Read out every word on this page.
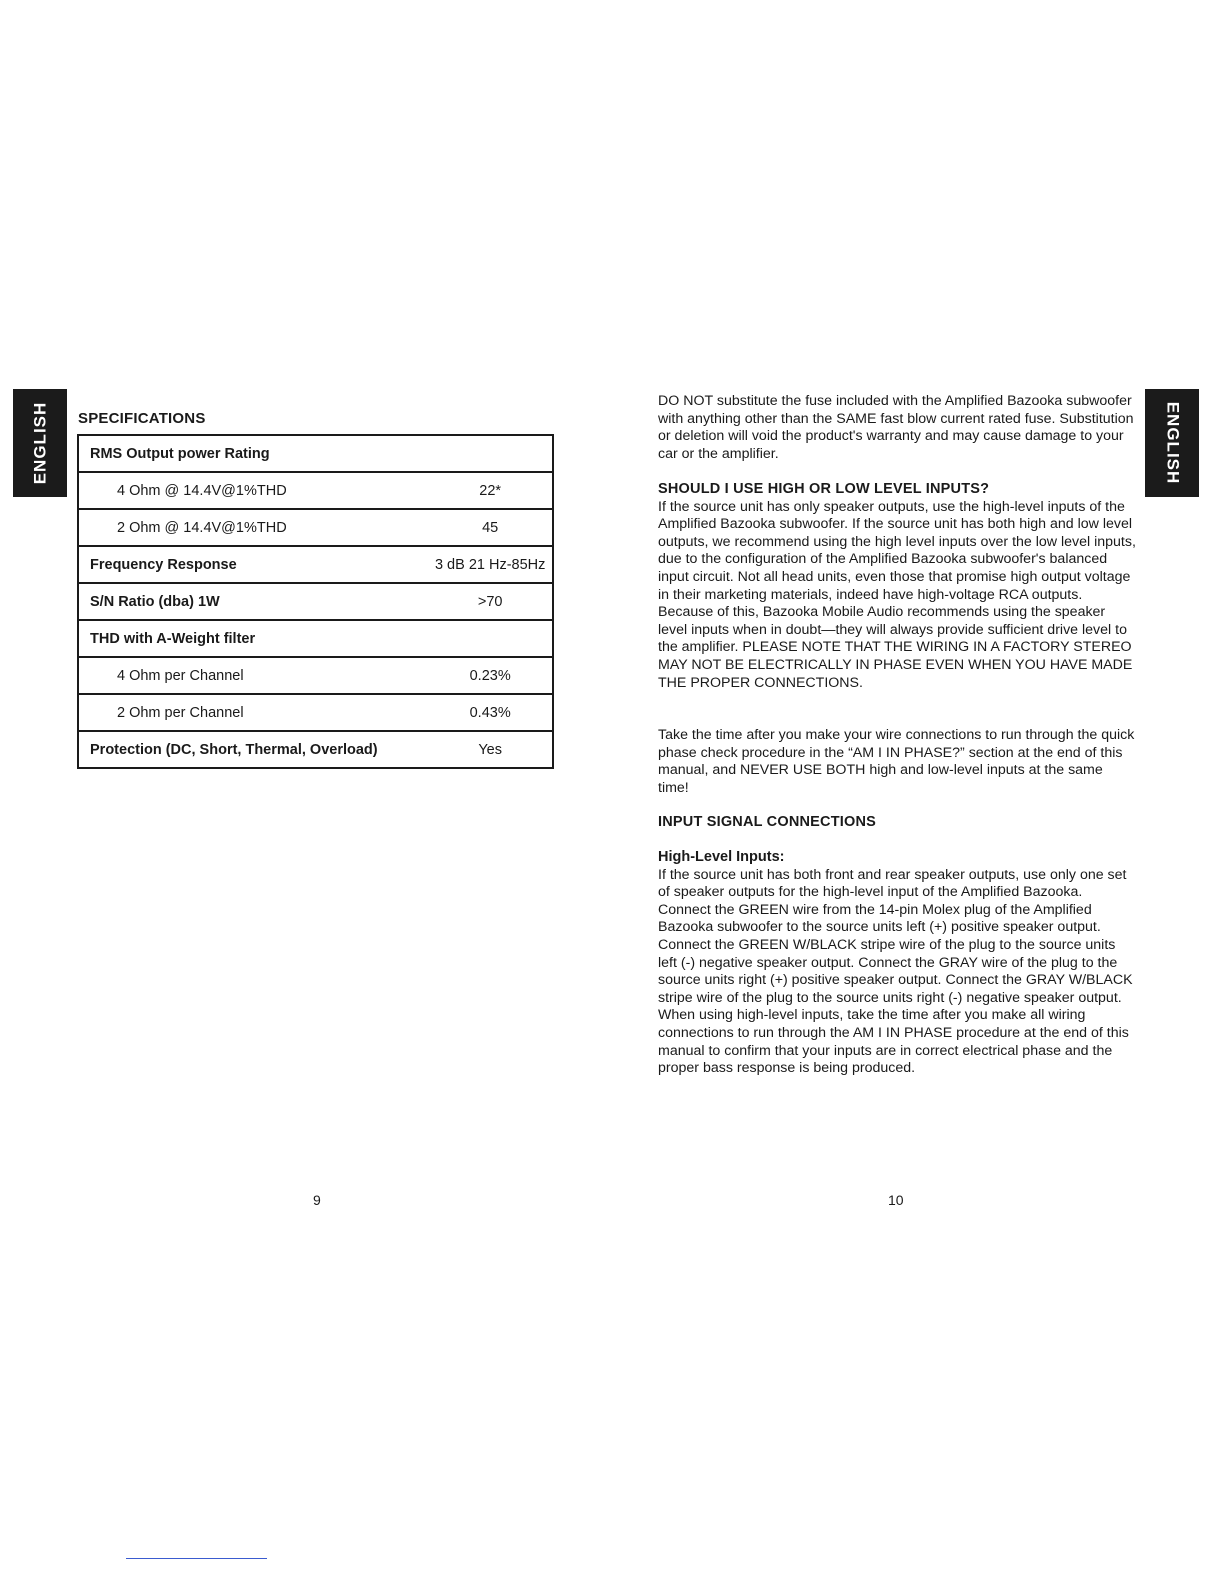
ENGLISH	ENGLISH
SPECIFICATIONS
RMS Output power Rating	
4 Ohm @ 14.4V@1%THD	22*
2 Ohm @ 14.4V@1%THD	45
Frequency Response	3 dB 21 Hz-85Hz
S/N Ratio (dba) 1W	>70
THD with A-Weight filter	
4 Ohm per Channel	0.23%
2 Ohm per Channel	0.43%
Protection (DC, Short, Thermal, Overload)	Yes
9	10

DO NOT substitute the fuse included with the Amplified Bazooka subwoofer with anything other than the SAME fast blow current rated fuse. Substitution or deletion will void the product's warranty and may cause damage to your car or the amplifier.

SHOULD I USE HIGH OR LOW LEVEL INPUTS?

If the source unit has only speaker outputs, use the high-level inputs of the Amplified Bazooka subwoofer. If the source unit has both high and low level outputs, we recommend using the high level inputs over the low level inputs, due to the configuration of the Amplified Bazooka subwoofer's balanced input circuit. Not all head units, even those that promise high output voltage in their marketing materials, indeed have high-voltage RCA outputs. Because of this, Bazooka Mobile Audio recommends using the speaker level inputs when in doubt—they will always provide sufficient drive level to the amplifier. PLEASE NOTE THAT THE WIRING IN A FACTORY STEREO MAY NOT BE ELECTRICALLY IN PHASE EVEN WHEN YOU HAVE MADE THE PROPER CONNECTIONS.

Take the time after you make your wire connections to run through the quick phase check procedure in the “AM I IN PHASE?” section at the end of this manual, and NEVER USE BOTH high and low-level inputs at the same time!

INPUT SIGNAL CONNECTIONS

High-Level Inputs:

If the source unit has both front and rear speaker outputs, use only one set of speaker outputs for the high-level input of the Amplified Bazooka. Connect the GREEN wire from the 14-pin Molex plug of the Amplified Bazooka subwoofer to the source units left (+) positive speaker output. Connect the GREEN W/BLACK stripe wire of the plug to the source units left (-) negative speaker output. Connect the GRAY wire of the plug to the source units right (+) positive speaker output. Connect the GRAY W/BLACK stripe wire of the plug to the source units right (-) negative speaker output. When using high-level inputs, take the time after you make all wiring connections to run through the AM I IN PHASE procedure at the end of this manual to confirm that your inputs are in correct electrical phase and the proper bass response is being produced.
